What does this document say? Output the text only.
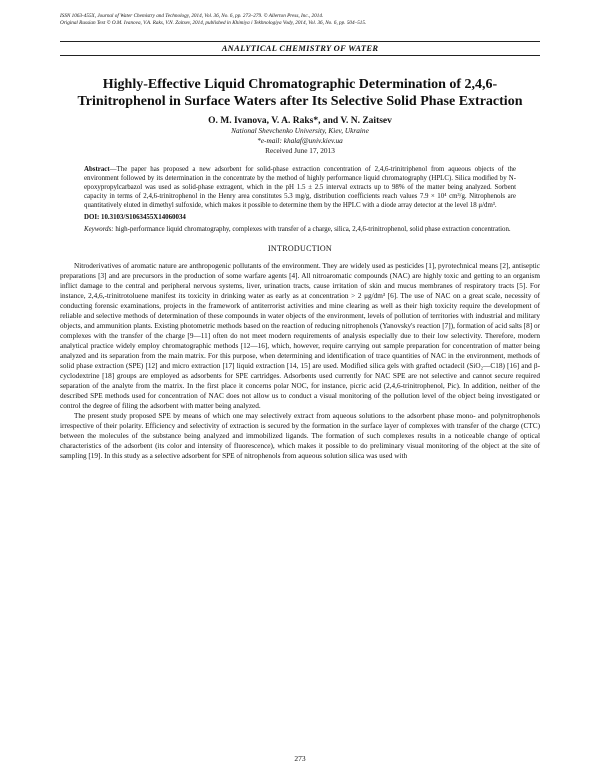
ISSN 1063-455X, Journal of Water Chemistry and Technology, 2014, Vol. 36, No. 6, pp. 273–279. © Allerton Press, Inc., 2014.
Original Russian Text © O.M. Ivanova, V.A. Raks, V.N. Zaitsev, 2014, published in Khimiya i Tekhnologiya Vody, 2014, Vol. 36, No. 6, pp. 504–515.
ANALYTICAL CHEMISTRY OF WATER
Highly-Effective Liquid Chromatographic Determination of 2,4,6-Trinitrophenol in Surface Waters after Its Selective Solid Phase Extraction
O. M. Ivanova, V. A. Raks*, and V. N. Zaitsev
National Shevchenko University, Kiev, Ukraine
*e-mail: khalaf@univ.kiev.ua
Received June 17, 2013

Abstract—The paper has proposed a new adsorbent for solid-phase extraction concentration of 2,4,6-trinitriphenol from aqueous objects of the environment followed by its determination in the concentrate by the method of highly performance liquid chromatography (HPLC). Silica modified by N-epoxypropylcarbazol was used as solid-phase extragent, which in the pH 1.5 ± 2.5 interval extracts up to 98% of the matter being analyzed. Sorbent capacity in terms of 2,4,6-trinitrophenol in the Henry area constitutes 5.3 mg/g, distribution coefficients reach values 7.9 × 10⁴ cm³/g. Nitrophenols are quantitatively eluted in dimethyl sulfoxide, which makes it possible to determine them by the HPLC with a diode array detector at the level 18 μ/dm³.

DOI: 10.3103/S1063455X14060034
Keywords: high-performance liquid chromatography, complexes with transfer of a charge, silica, 2,4,6-trinitrophenol, solid phase extraction concentration.
INTRODUCTION

Nitroderivatives of aromatic nature are anthropogenic pollutants of the environment. They are widely used as pesticides [1], pyrotechnical means [2], antiseptic preparations [3] and are precursors in the production of some warfare agents [4]. All nitroaromatic compounds (NAC) are highly toxic and getting to an organism inflict damage to the central and peripheral nervous systems, liver, urination tracts, cause irritation of skin and mucus membranes of respiratory tracts [5]. For instance, 2,4,6,-trinitrotoluene manifest its toxicity in drinking water as early as at concentration > 2 μg/dm³ [6]. The use of NAC on a great scale, necessity of conducting forensic examinations, projects in the framework of antiterrorist activities and mine clearing as well as their high toxicity require the development of reliable and selective methods of determination of these compounds in water objects of the environment, levels of pollution of territories with industrial and military objects, and ammunition plants. Existing photometric methods based on the reaction of reducing nitrophenols (Yanovsky's reaction [7]), formation of acid salts [8] or complexes with the transfer of the charge [9—11] often do not meet modern requirements of analysis especially due to their low selectivity. Therefore, modern analytical practice widely employ chromatographic methods [12—16], which, however, require carrying out sample preparation for concentration of matter being analyzed and its separation from the main matrix. For this purpose, when determining and identification of trace quantities of NAC in the environment, methods of solid phase extraction (SPE) [12] and micro extraction [17] liquid extraction [14, 15] are used. Modified silica gels with grafted octadecil (SiO₂—C18) [16] and β-cyclodextrine [18] groups are employed as adsorbents for SPE cartridges. Adsorbents used currently for NAC SPE are not selective and cannot secure required separation of the analyte from the matrix. In the first place it concerns polar NOC, for instance, picric acid (2,4,6-trinitrophenol, Pic). In addition, neither of the described SPE methods used for concentration of NAC does not allow us to conduct a visual monitoring of the pollution level of the object being investigated or control the degree of filing the adsorbent with matter being analyzed.

The present study proposed SPE by means of which one may selectively extract from aqueous solutions to the adsorbent phase mono- and polynitrophenols irrespective of their polarity. Efficiency and selectivity of extraction is secured by the formation in the surface layer of complexes with transfer of the charge (CTC) between the molecules of the substance being analyzed and immobilized ligands. The formation of such complexes results in a noticeable change of optical characteristics of the adsorbent (its color and intensity of fluorescence), which makes it possible to do preliminary visual monitoring of the object at the site of sampling [19]. In this study as a selective adsorbent for SPE of nitrophenols from aqueous solution silica was used with

273
